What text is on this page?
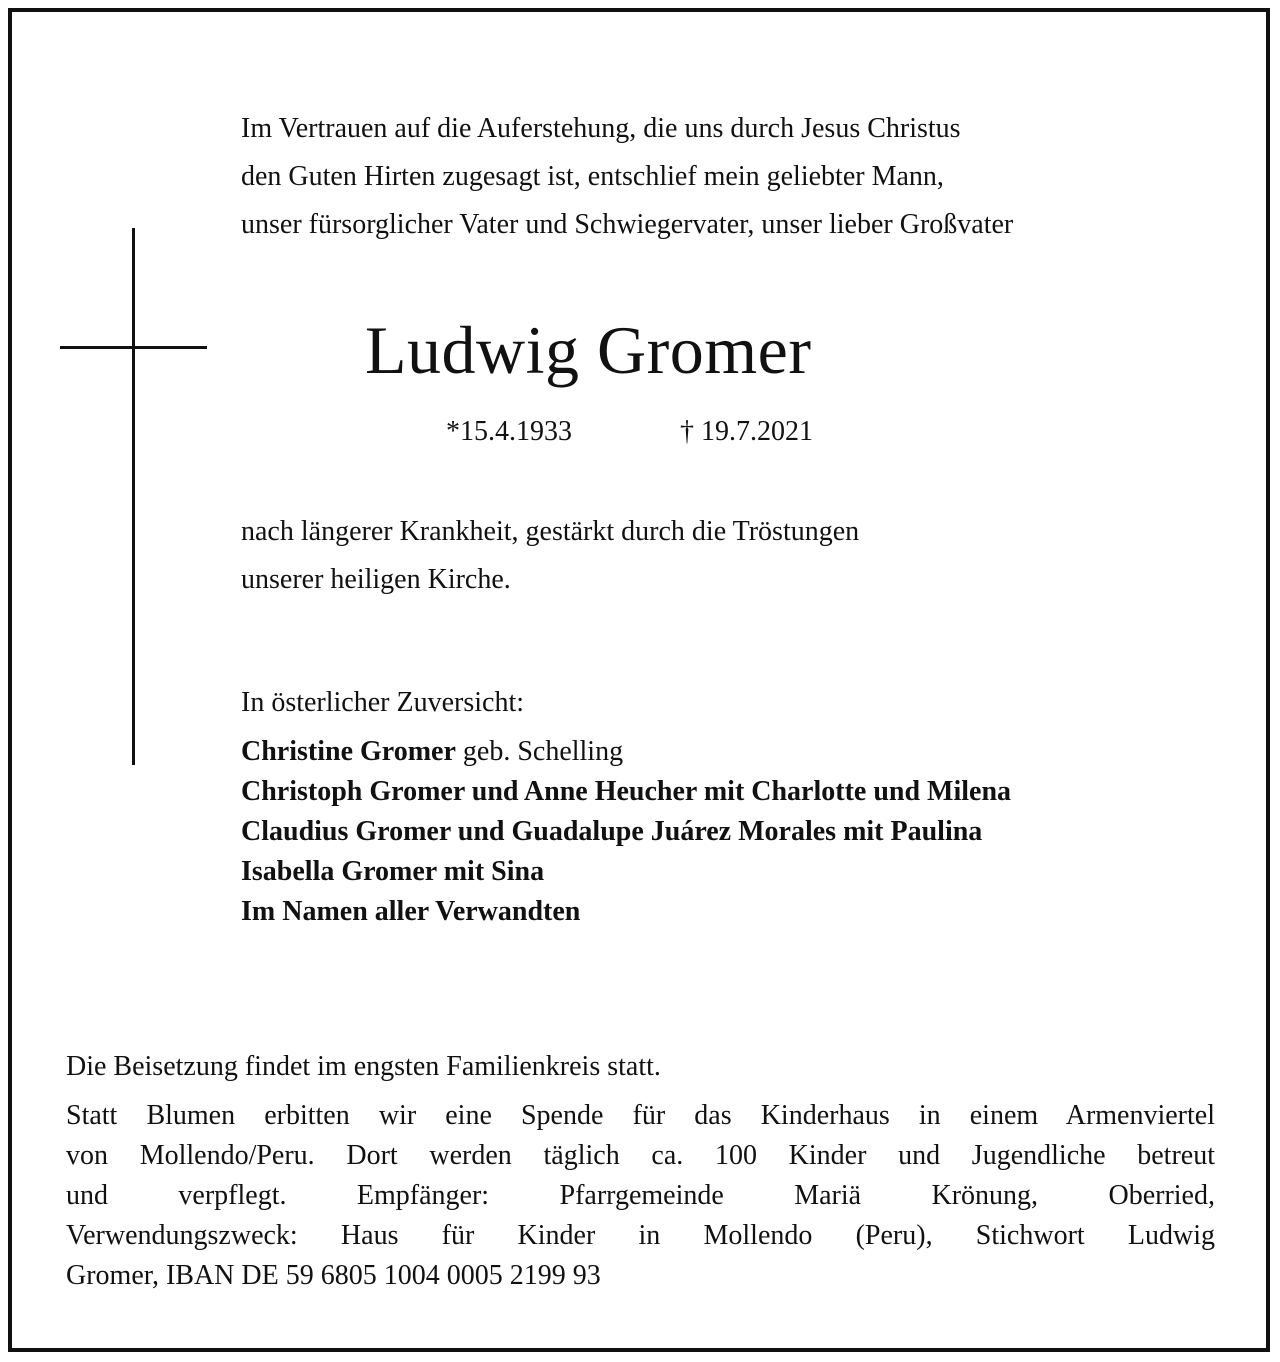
Im Vertrauen auf die Auferstehung, die uns durch Jesus Christus
den Guten Hirten zugesagt ist, entschlief mein geliebter Mann,
unser fürsorglicher Vater und Schwiegervater, unser lieber Großvater
Ludwig Gromer
*15.4.1933	† 19.7.2021
nach längerer Krankheit, gestärkt durch die Tröstungen
unserer heiligen Kirche.
In österlicher Zuversicht:
Christine Gromer geb. Schelling
Christoph Gromer und Anne Heucher mit Charlotte und Milena
Claudius Gromer und Guadalupe Juárez Morales mit Paulina
Isabella Gromer mit Sina
Im Namen aller Verwandten
Die Beisetzung findet im engsten Familienkreis statt.
Statt Blumen erbitten wir eine Spende für das Kinderhaus in einem Armenviertel
von Mollendo/Peru. Dort werden täglich ca. 100 Kinder und Jugendliche betreut
und verpflegt. Empfänger: Pfarrgemeinde Mariä Krönung, Oberried,
Verwendungszweck: Haus für Kinder in Mollendo (Peru), Stichwort Ludwig
Gromer, IBAN DE 59 6805 1004 0005 2199 93
